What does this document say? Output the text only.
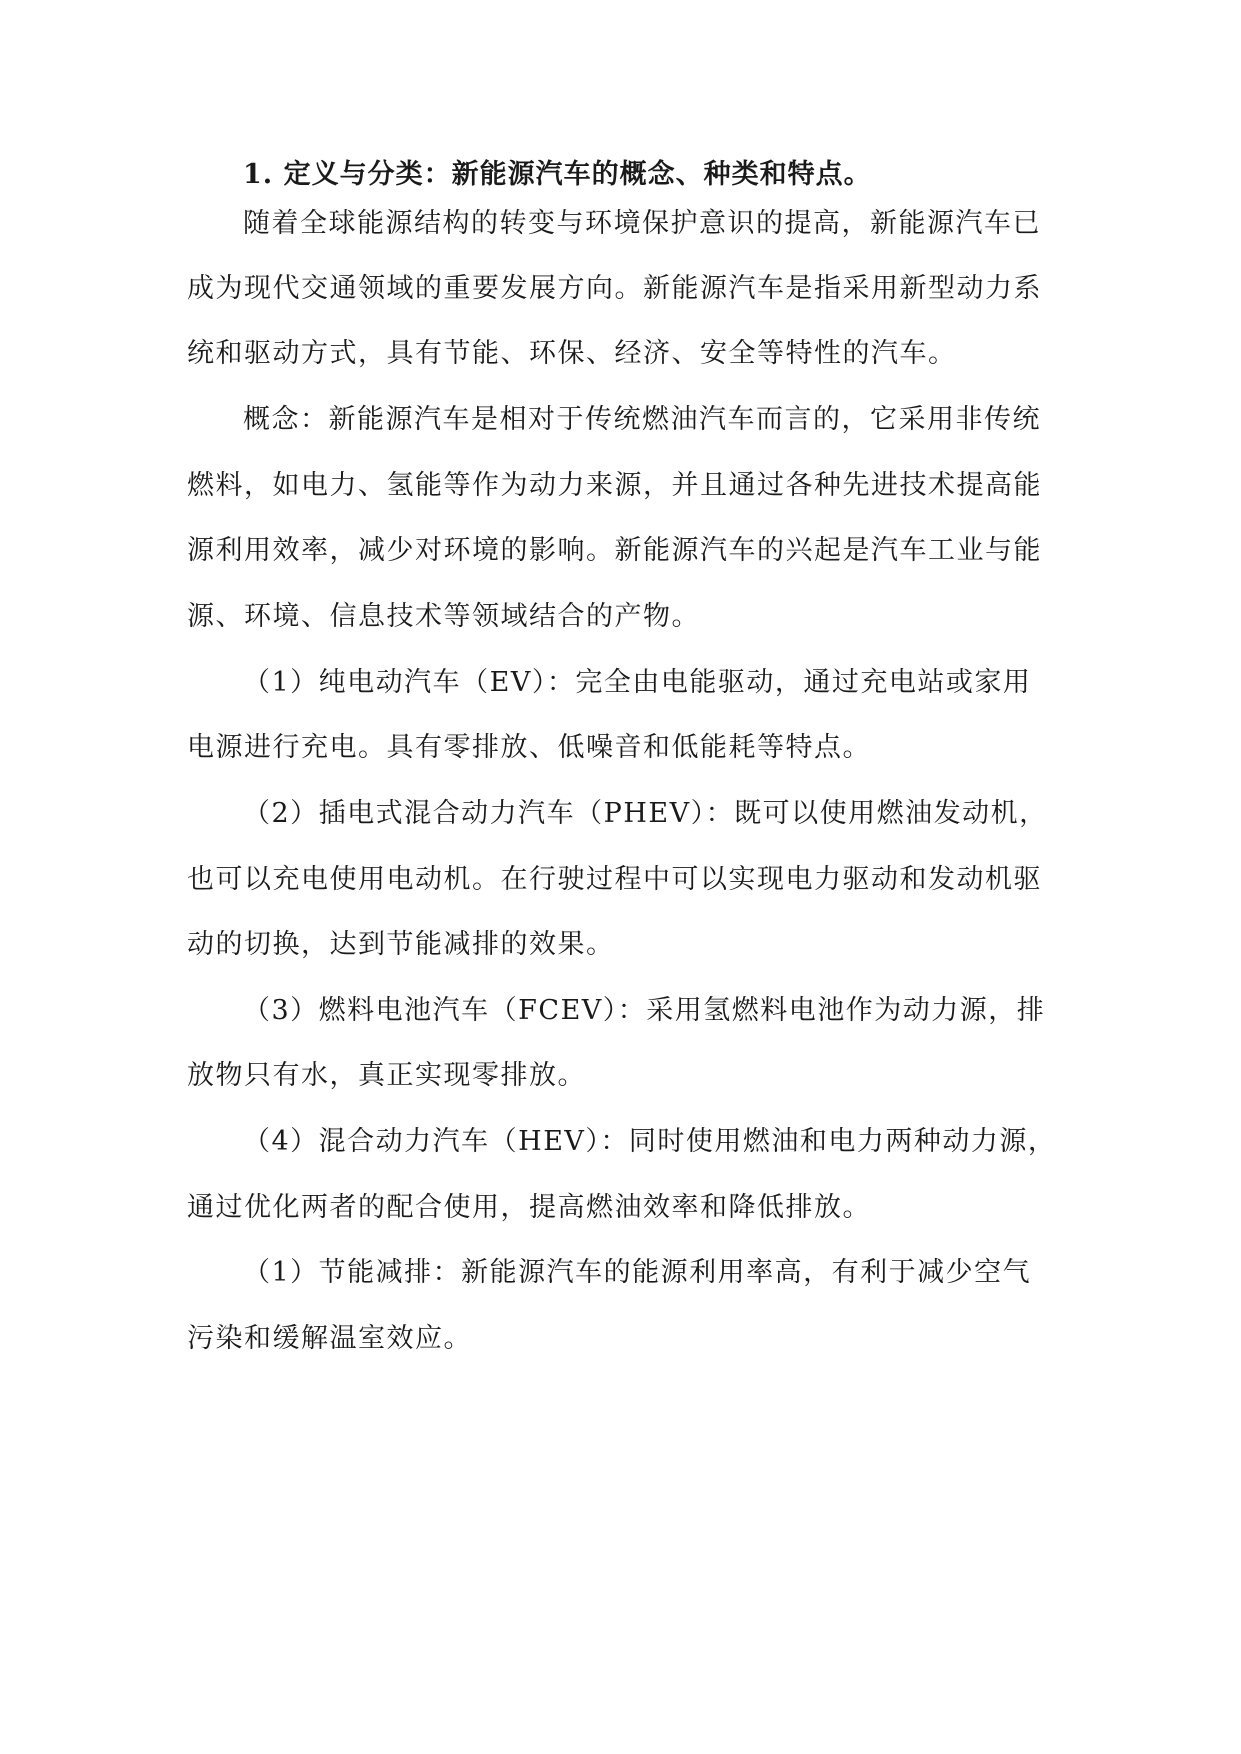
1. 定义与分类：新能源汽车的概念、种类和特点。
随着全球能源结构的转变与环境保护意识的提高，新能源汽车已
成为现代交通领域的重要发展方向。新能源汽车是指采用新型动力系
统和驱动方式，具有节能、环保、经济、安全等特性的汽车。
概念：新能源汽车是相对于传统燃油汽车而言的，它采用非传统
燃料，如电力、氢能等作为动力来源，并且通过各种先进技术提高能
源利用效率，减少对环境的影响。新能源汽车的兴起是汽车工业与能
源、环境、信息技术等领域结合的产物。
（1）纯电动汽车（EV）：完全由电能驱动，通过充电站或家用
电源进行充电。具有零排放、低噪音和低能耗等特点。
（2）插电式混合动力汽车（PHEV）：既可以使用燃油发动机，
也可以充电使用电动机。在行驶过程中可以实现电力驱动和发动机驱
动的切换，达到节能减排的效果。
（3）燃料电池汽车（FCEV）：采用氢燃料电池作为动力源，排
放物只有水，真正实现零排放。
（4）混合动力汽车（HEV）：同时使用燃油和电力两种动力源，
通过优化两者的配合使用，提高燃油效率和降低排放。
（1）节能减排：新能源汽车的能源利用率高，有利于减少空气
污染和缓解温室效应。
